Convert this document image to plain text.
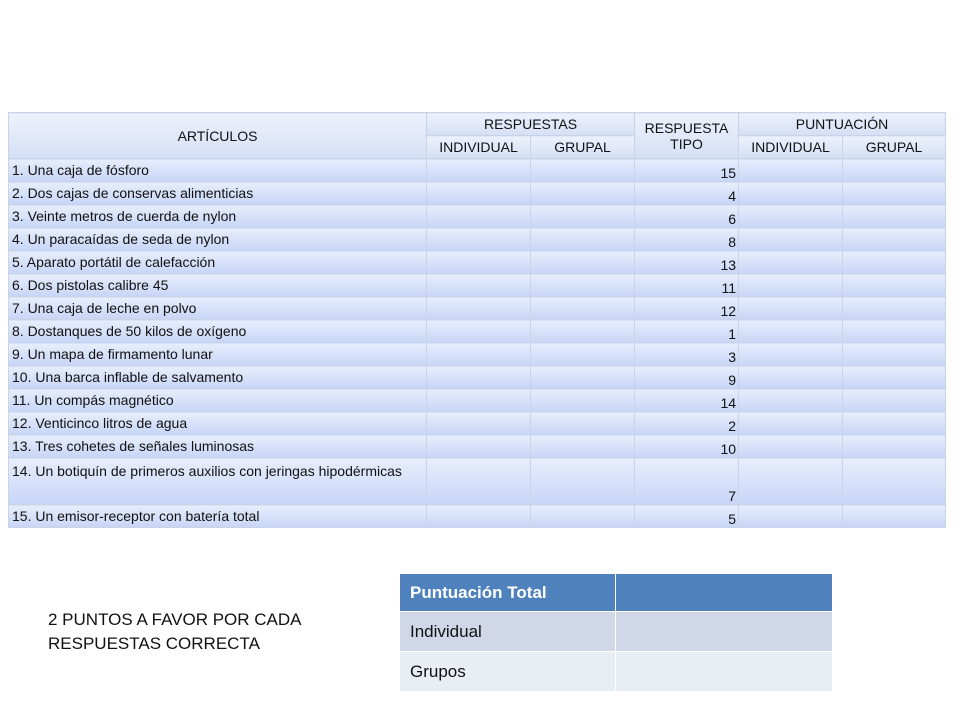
ARTÍCULOS	RESPUESTAS		RESPUESTA TIPO	PUNTUACIÓN	
	INDIVIDUAL	GRUPAL		INDIVIDUAL	GRUPAL
1. Una caja de fósforo			15		
2. Dos cajas de conservas alimenticias			4		
3. Veinte metros de cuerda de nylon			6		
4. Un paracaídas de seda de nylon			8		
5. Aparato portátil de calefacción			13		
6. Dos pistolas calibre 45			11		
7. Una caja de leche en polvo			12		
8. Dostanques de 50 kilos de oxígeno			1		
9. Un mapa de firmamento lunar			3		
10. Una barca inflable de salvamento			9		
11. Un compás magnético			14		
12. Venticinco litros de agua			2		
13. Tres cohetes de señales luminosas			10		
14. Un botiquín de primeros auxilios con jeringas hipodérmicas			7		
15. Un emisor-receptor con batería total			5		
2 PUNTOS A FAVOR POR CADA
RESPUESTAS CORRECTA
Puntuación Total	
Individual	
Grupos	
